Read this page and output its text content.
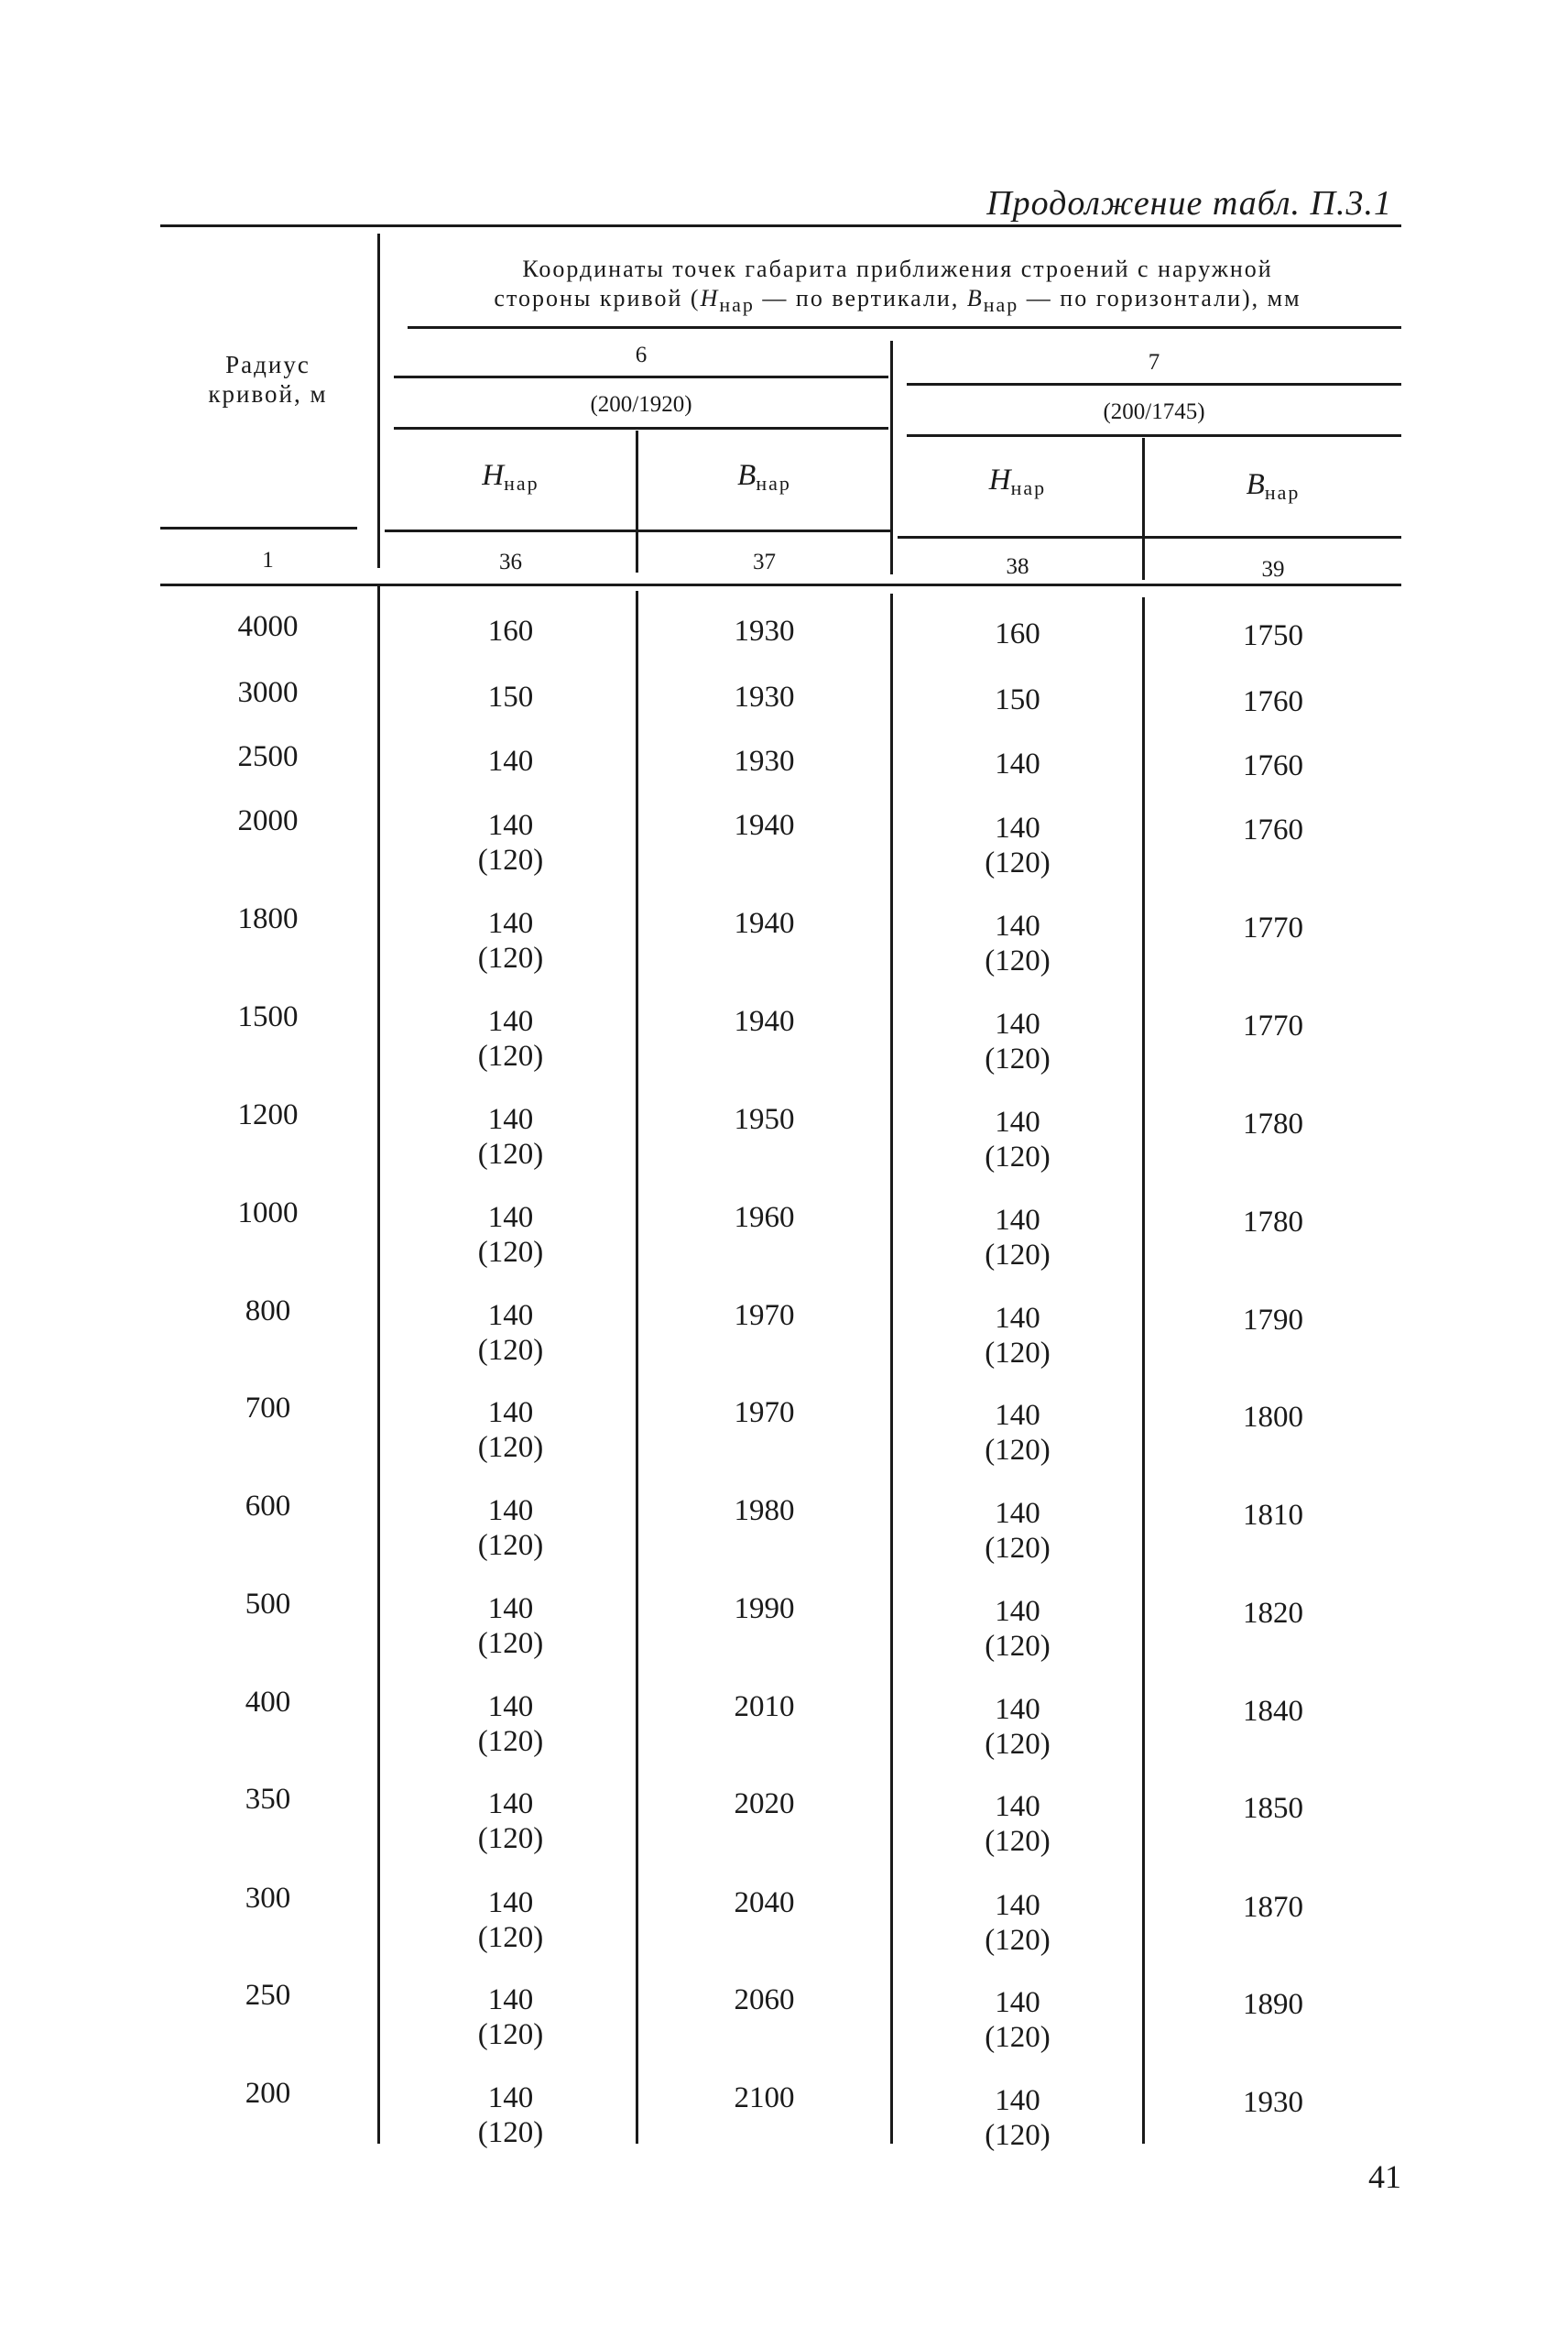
Продолжение табл. П.3.1
Радиус
кривой, м
Координаты точек габарита приближения строений с наружной
стороны кривой ($H_{нар}$ — по вертикали, $B_{нар}$ — по горизонтали), мм
6
(200/1920)
7
(200/1745)
Hнар	Bнар	Hнар	Bнар
1	36	37	38	39
4000	160	1930	160	1750
3000	150	1930	150	1760
2500	140	1930	140	1760
2000	140
(120)
1940	140
(120)
1760
1800	140
(120)
1940	140
(120)
1770
1500	140
(120)
1940	140
(120)
1770
1200	140
(120)
1950	140
(120)
1780
1000	140
(120)
1960	140
(120)
1780
800	140
(120)
1970	140
(120)
1790
700	140
(120)
1970	140
(120)
1800
600	140
(120)
1980	140
(120)
1810
500	140
(120)
1990	140
(120)
1820
400	140
(120)
2010	140
(120)
1840
350	140
(120)
2020	140
(120)
1850
300	140
(120)
2040	140
(120)
1870
250	140
(120)
2060	140
(120)
1890
200	140
(120)
2100	140
(120)
1930
41
